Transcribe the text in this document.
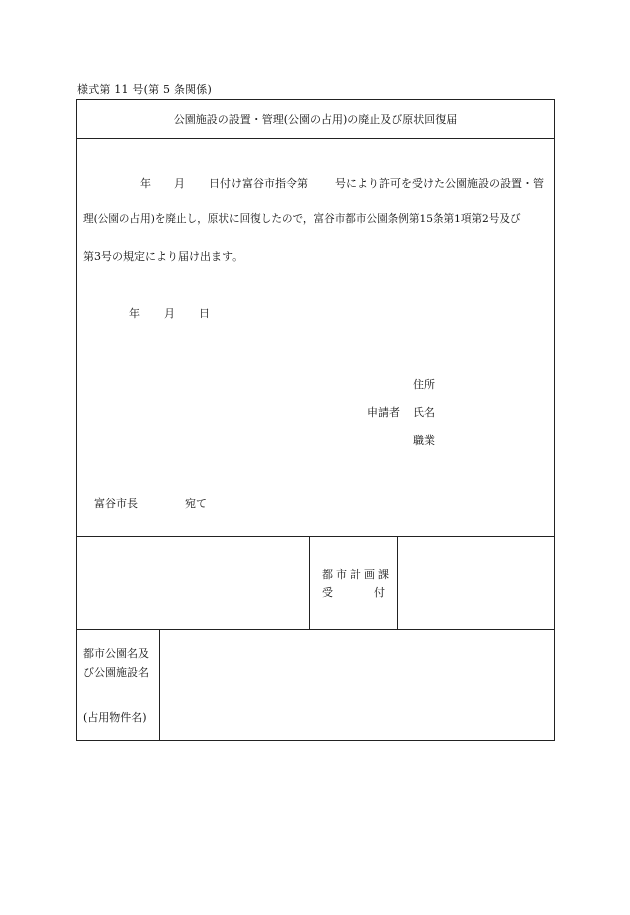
様式第 11 号(第 5 条関係)
公園施設の設置・管理(公園の占用)の廃止及び原状回復届
年 月 日付け富谷市指令第 号により許可を受けた公園施設の設置・管
理(公園の占用)を廃止し，原状に回復したので，富谷市都市公園条例第15条第1項第2号及び
第3号の規定により届け出ます。
年 月 日
住所
申請者 氏名
職業
富谷市長	宛て
都 市 計 画 課
受	付
都市公園名及
び公園施設名
(占用物件名)
